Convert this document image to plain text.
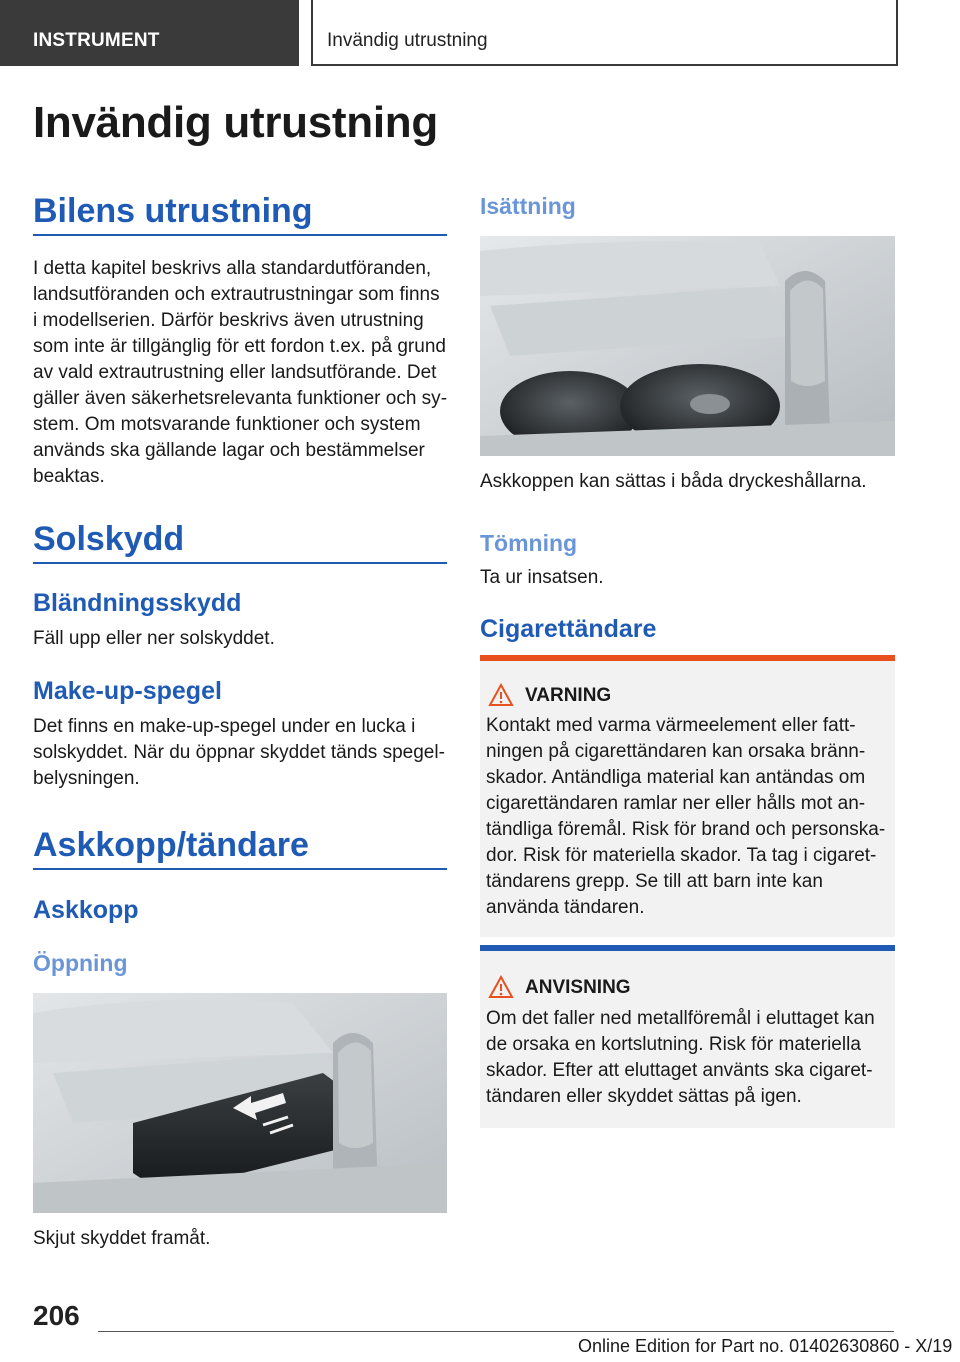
INSTRUMENT	Invändig utrustning
Invändig utrustning
Bilens utrustning

I detta kapitel beskrivs alla standardutföranden, landsutföranden och extrautrustningar som finns i modellserien. Därför beskrivs även utrustning som inte är tillgänglig för ett fordon t.ex. på grund av vald extrautrustning eller landsutförande. Det gäller även säkerhetsrelevanta funktioner och system. Om motsvarande funktioner och system används ska gällande lagar och bestämmelser beaktas.

Solskydd
Bländningsskydd

Fäll upp eller ner solskyddet.

Make-up-spegel

Det finns en make-up-spegel under en lucka i solskyddet. När du öppnar skyddet tänds spegelbelysningen.

Askkopp/tändare
Askkopp
Öppning

Skjut skyddet framåt.

Isättning

Askkoppen kan sättas i båda dryckeshållarna.

Tömning

Ta ur insatsen.

Cigarettändare
VARNING

Kontakt med varma värmeelement eller fattningen på cigarettändaren kan orsaka brännskador. Antändliga material kan antändas om cigarettändaren ramlar ner eller hålls mot antändliga föremål. Risk för brand och personskador. Risk för materiella skador. Ta tag i cigarettändarens grepp. Se till att barn inte kan använda tändaren.

ANVISNING

Om det faller ned metallföremål i eluttaget kan de orsaka en kortslutning. Risk för materiella skador. Efter att eluttaget använts ska cigarettändaren eller skyddet sättas på igen.

206
Online Edition for Part no. 01402630860 - X/19
